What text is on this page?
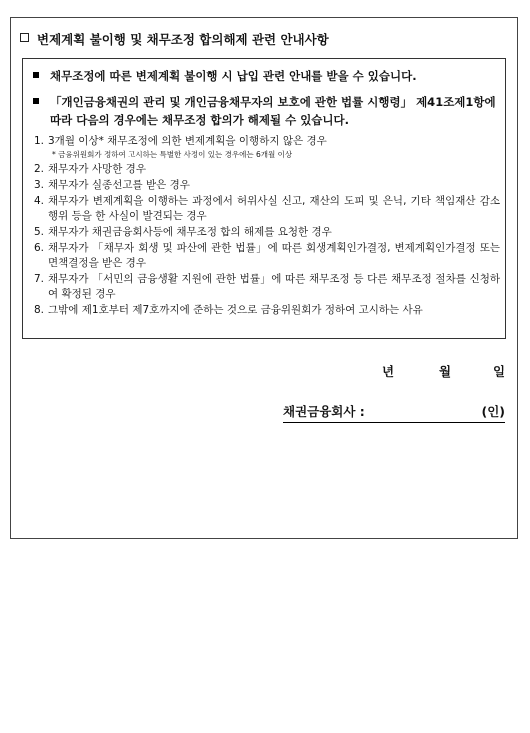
변제계획 불이행 및 채무조정 합의해제 관련 안내사항
채무조정에 따른 변제계획 불이행 시 납입 관련 안내를 받을 수 있습니다.
「개인금융채권의 관리 및 개인금융채무자의 보호에 관한 법률 시행령」 제41조제1항에 따라 다음의 경우에는 채무조정 합의가 해제될 수 있습니다.
1. 3개월 이상* 채무조정에 의한 변제계획을 이행하지 않은 경우
* 금융위원회가 정하여 고시하는 특별한 사정이 있는 경우에는 6개월 이상
2. 채무자가 사망한 경우
3. 채무자가 실종선고를 받은 경우
4. 채무자가 변제계획을 이행하는 과정에서 허위사실 신고, 재산의 도피 및 은닉, 기타 책임재산 감소행위 등을 한 사실이 발견되는 경우
5. 채무자가 채권금융회사등에 채무조정 합의 해제를 요청한 경우
6. 채무자가 「채무자 회생 및 파산에 관한 법률」에 따른 회생계획인가결정, 변제계획인가결정 또는 면책결정을 받은 경우
7. 채무자가 「서민의 금융생활 지원에 관한 법률」에 따른 채무조정 등 다른 채무조정 절차를 신청하여 확정된 경우
8. 그밖에 제1호부터 제7호까지에 준하는 것으로 금융위원회가 정하여 고시하는 사유
년	월	일
채권금융회사 :	(인)
